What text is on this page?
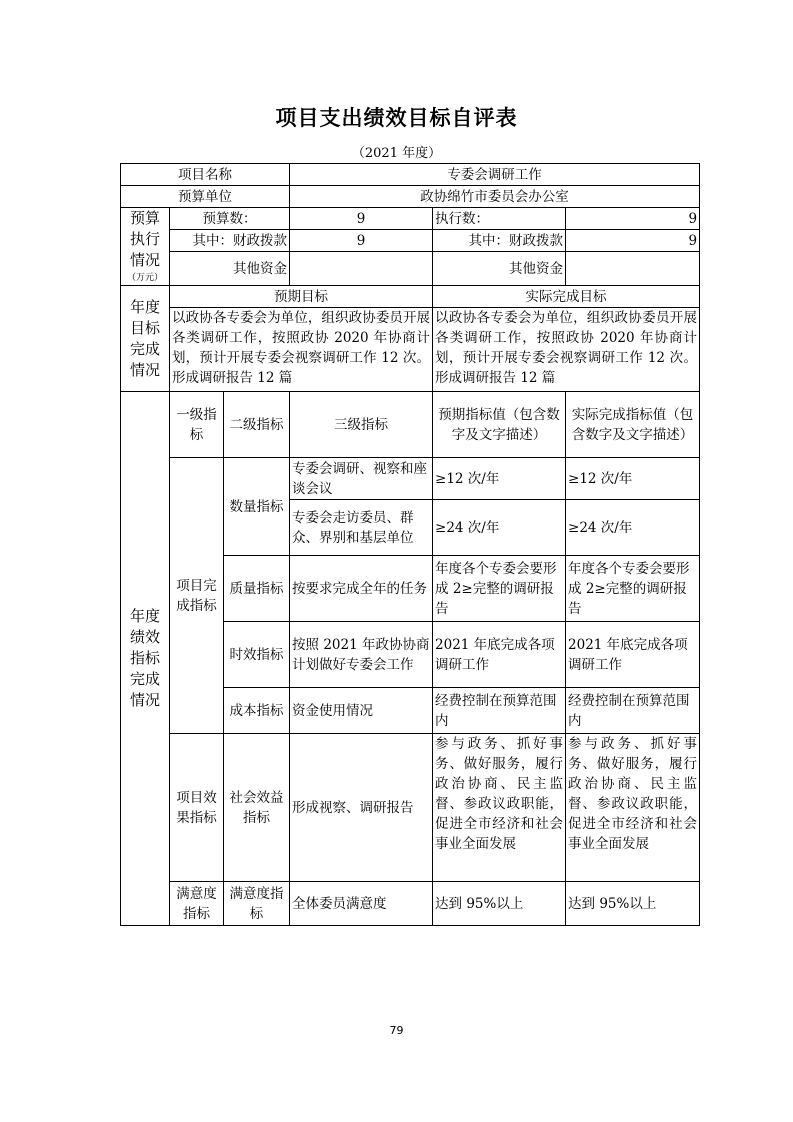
项目支出绩效目标自评表
（2021 年度）
项目名称			专委会调研工作		
预算单位			政协绵竹市委员会办公室		
预算执行情况
（万元）	预算数：		9	执行数：	9
	其中：财政拨款		9	其中：财政拨款	9
	其他资金			其他资金	
年度目标完成情况	预期目标			实际完成目标	
	以政协各专委会为单位，组织政协委员开展各类调研工作，按照政协 2020 年协商计划，预计开展专委会视察调研工作 12 次。形成调研报告 12 篇			以政协各专委会为单位，组织政协委员开展各类调研工作，按照政协 2020 年协商计划，预计开展专委会视察调研工作 12 次。形成调研报告 12 篇	
年度绩效指标完成情况	一级指标	二级指标	三级指标	预期指标值（包含数字及文字描述）	实际完成指标值（包含数字及文字描述）
	项目完成指标	数量指标	专委会调研、视察和座谈会议	≥12 次/年	≥12 次/年
			专委会走访委员、群众、界别和基层单位	≥24 次/年	≥24 次/年
		质量指标	按要求完成全年的任务	年度各个专委会要形成 2≥完整的调研报告	年度各个专委会要形成 2≥完整的调研报告
		时效指标	按照 2021 年政协协商计划做好专委会工作	2021 年底完成各项调研工作	2021 年底完成各项调研工作
		成本指标	资金使用情况	经费控制在预算范围内	经费控制在预算范围内

	项目效果指标	社会效益指标	形成视察、调研报告	参与政务、抓好事务、做好服务，履行政治协商、民主监督、参政议政职能，促进全市经济和社会事业全面发展	参与政务、抓好事务、做好服务，履行政治协商、民主监督、参政议政职能，促进全市经济和社会事业全面发展
	满意度指标	满意度指标	全体委员满意度	达到 95%以上	达到 95%以上
79
